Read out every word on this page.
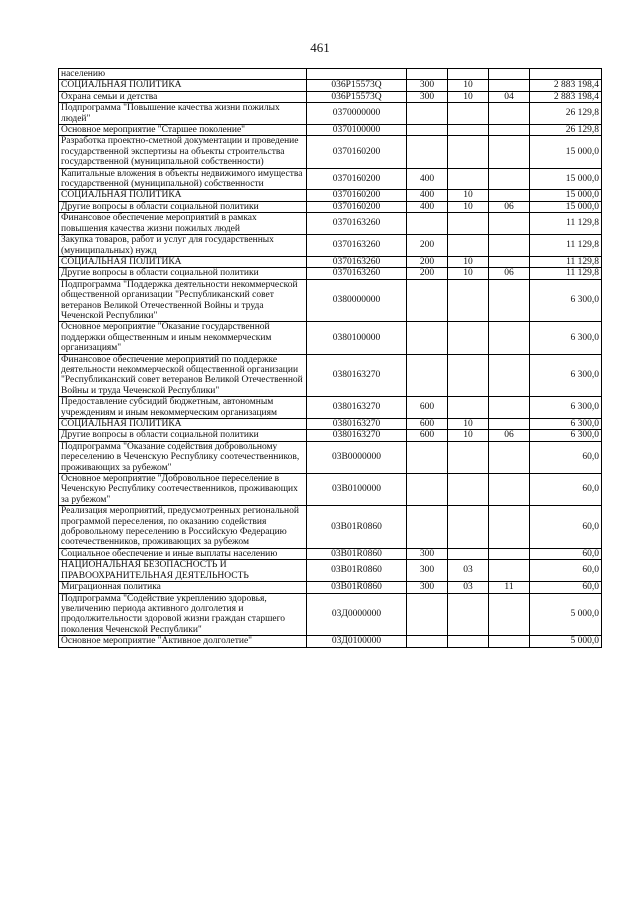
461
населению					
СОЦИАЛЬНАЯ ПОЛИТИКА	036P15573Q	300	10		2 883 198,4
Охрана семьи и детства	036P15573Q	300	10	04	2 883 198,4
Подпрограмма "Повышение качества жизни пожилых людей"	0370000000				26 129,8
Основное мероприятие "Старшее поколение"	0370100000				26 129,8
Разработка проектно-сметной документации и проведение государственной экспертизы на объекты строительства государственной (муниципальной собственности)	0370160200				15 000,0
Капитальные вложения в объекты недвижимого имущества государственной (муниципальной) собственности	0370160200	400			15 000,0
СОЦИАЛЬНАЯ ПОЛИТИКА	0370160200	400	10		15 000,0
Другие вопросы в области социальной политики	0370160200	400	10	06	15 000,0
Финансовое обеспечение мероприятий в рамках повышения качества жизни пожилых людей	0370163260				11 129,8
Закупка товаров, работ и услуг для государственных (муниципальных) нужд	0370163260	200			11 129,8
СОЦИАЛЬНАЯ ПОЛИТИКА	0370163260	200	10		11 129,8
Другие вопросы в области социальной политики	0370163260	200	10	06	11 129,8
Подпрограмма "Поддержка деятельности некоммерческой общественной организации "Республиканский совет ветеранов Великой Отечественной Войны и труда Чеченской Республики"	0380000000				6 300,0
Основное мероприятие "Оказание государственной поддержки общественным и иным некоммерческим организациям"	0380100000				6 300,0
Финансовое обеспечение мероприятий по поддержке деятельности некоммерческой общественной организации "Республиканский совет ветеранов Великой Отечественной Войны и труда Чеченской Республики"	0380163270				6 300,0
Предоставление субсидий бюджетным, автономным учреждениям и иным некоммерческим организациям	0380163270	600			6 300,0
СОЦИАЛЬНАЯ ПОЛИТИКА	0380163270	600	10		6 300,0
Другие вопросы в области социальной политики	0380163270	600	10	06	6 300,0
Подпрограмма "Оказание содействия добровольному переселению в Чеченскую Республику соотечественников, проживающих за рубежом"	03B0000000				60,0
Основное мероприятие "Добровольное переселение в Чеченскую Республику соотечественников, проживающих за рубежом"	03B0100000				60,0
Реализация мероприятий, предусмотренных региональной программой переселения, по оказанию содействия добровольному переселению в Российскую Федерацию соотечественников, проживающих за рубежом	03B01R0860				60,0
Социальное обеспечение и иные выплаты населению	03B01R0860	300			60,0
НАЦИОНАЛЬНАЯ БЕЗОПАСНОСТЬ И ПРАВООХРАНИТЕЛЬНАЯ ДЕЯТЕЛЬНОСТЬ	03B01R0860	300	03		60,0
Миграционная политика	03B01R0860	300	03	11	60,0
Подпрограмма "Содействие укреплению здоровья, увеличению периода активного долголетия и продолжительности здоровой жизни граждан старшего поколения Чеченской Республики"	03Д0000000				5 000,0
Основное мероприятие "Активное долголетие"	03Д0100000				5 000,0
